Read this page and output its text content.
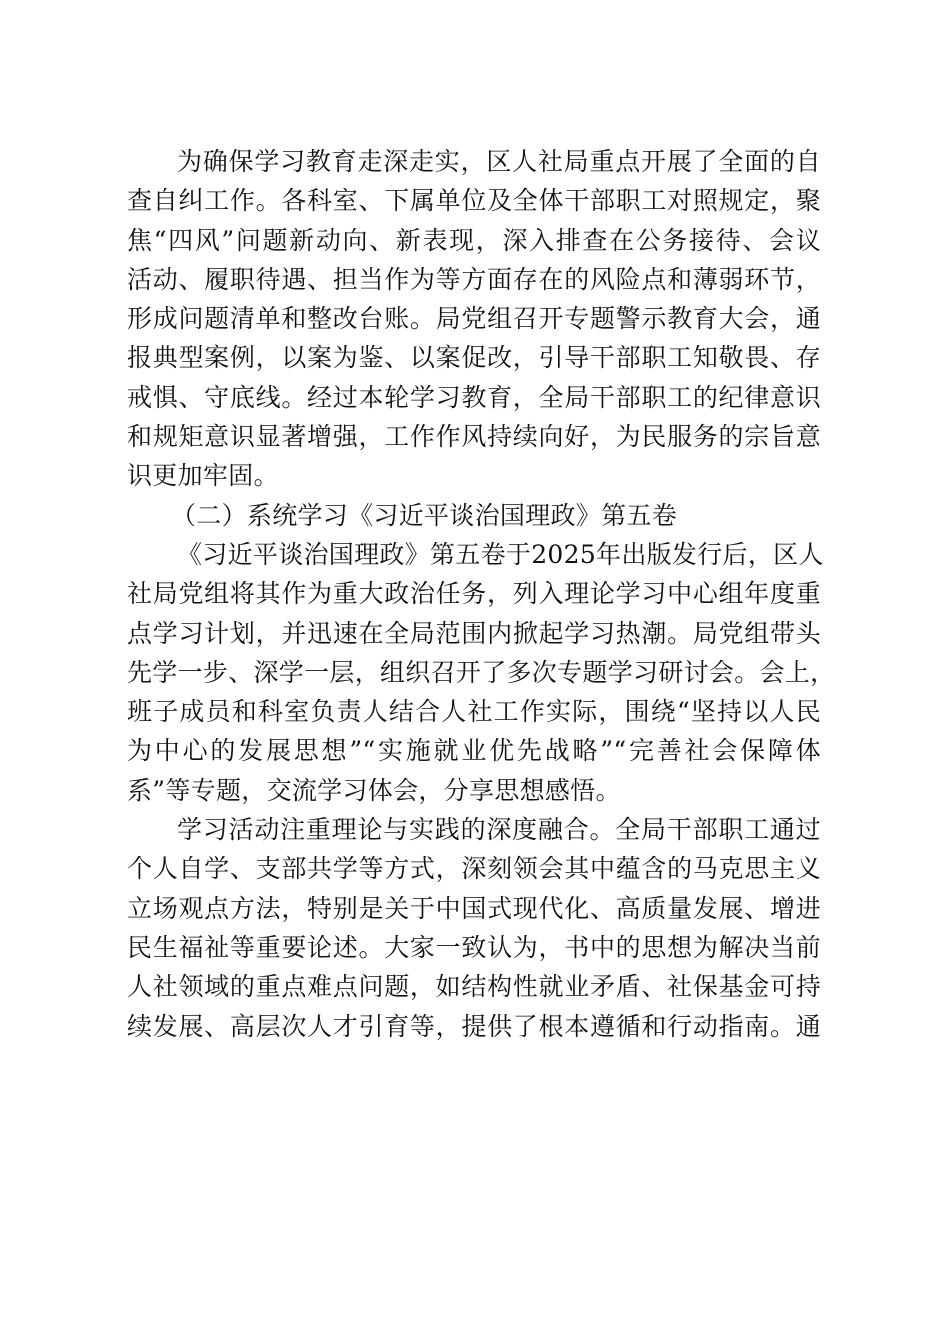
为确保学习教育走深走实，区人社局重点开展了全面的自
查自纠工作。各科室、下属单位及全体干部职工对照规定，聚
焦“四风”问题新动向、新表现，深入排查在公务接待、会议
活动、履职待遇、担当作为等方面存在的风险点和薄弱环节，
形成问题清单和整改台账。局党组召开专题警示教育大会，通
报典型案例，以案为鉴、以案促改，引导干部职工知敬畏、存
戒惧、守底线。经过本轮学习教育，全局干部职工的纪律意识
和规矩意识显著增强，工作作风持续向好，为民服务的宗旨意
识更加牢固。
（二）系统学习《习近平谈治国理政》第五卷
《习近平谈治国理政》第五卷于2025年出版发行后，区人
社局党组将其作为重大政治任务，列入理论学习中心组年度重
点学习计划，并迅速在全局范围内掀起学习热潮。局党组带头
先学一步、深学一层，组织召开了多次专题学习研讨会。会上，
班子成员和科室负责人结合人社工作实际，围绕“坚持以人民
为中心的发展思想”“实施就业优先战略”“完善社会保障体
系”等专题，交流学习体会，分享思想感悟。
学习活动注重理论与实践的深度融合。全局干部职工通过
个人自学、支部共学等方式，深刻领会其中蕴含的马克思主义
立场观点方法，特别是关于中国式现代化、高质量发展、增进
民生福祉等重要论述。大家一致认为，书中的思想为解决当前
人社领域的重点难点问题，如结构性就业矛盾、社保基金可持
续发展、高层次人才引育等，提供了根本遵循和行动指南。通
